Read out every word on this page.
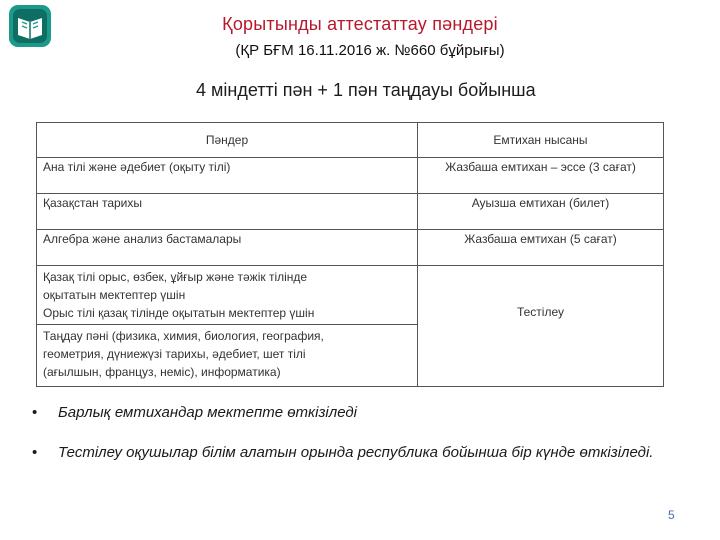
Қорытынды аттестаттау пәндері
(ҚР БҒМ 16.11.2016 ж. №660 бұйрығы)
4 міндетті пән + 1 пән таңдауы бойынша
Пәндер	Емтихан нысаны
Ана тілі және әдебиет (оқыту тілі)	Жазбаша емтихан – эссе (3 сағат)
Қазақстан тарихы	Ауызша емтихан (билет)
Алгебра және анализ бастамалары	Жазбаша емтихан (5 сағат)

Қазақ тілі орыс, өзбек, ұйғыр және тәжік тілінде
оқытатын мектептер үшін
Орыс тілі қазақ тілінде оқытатын мектептер үшін	Тестілеу

Таңдау пәні (физика, химия, биология, география,
геометрия, дүниежүзі тарихы, әдебиет, шет тілі
(ағылшын, француз, неміс), информатика)	
• Барлық емтихандар мектепте өткізіледі
• Тестілеу оқушылар білім алатын орында республика бойынша бір күнде өткізіледі.
5
